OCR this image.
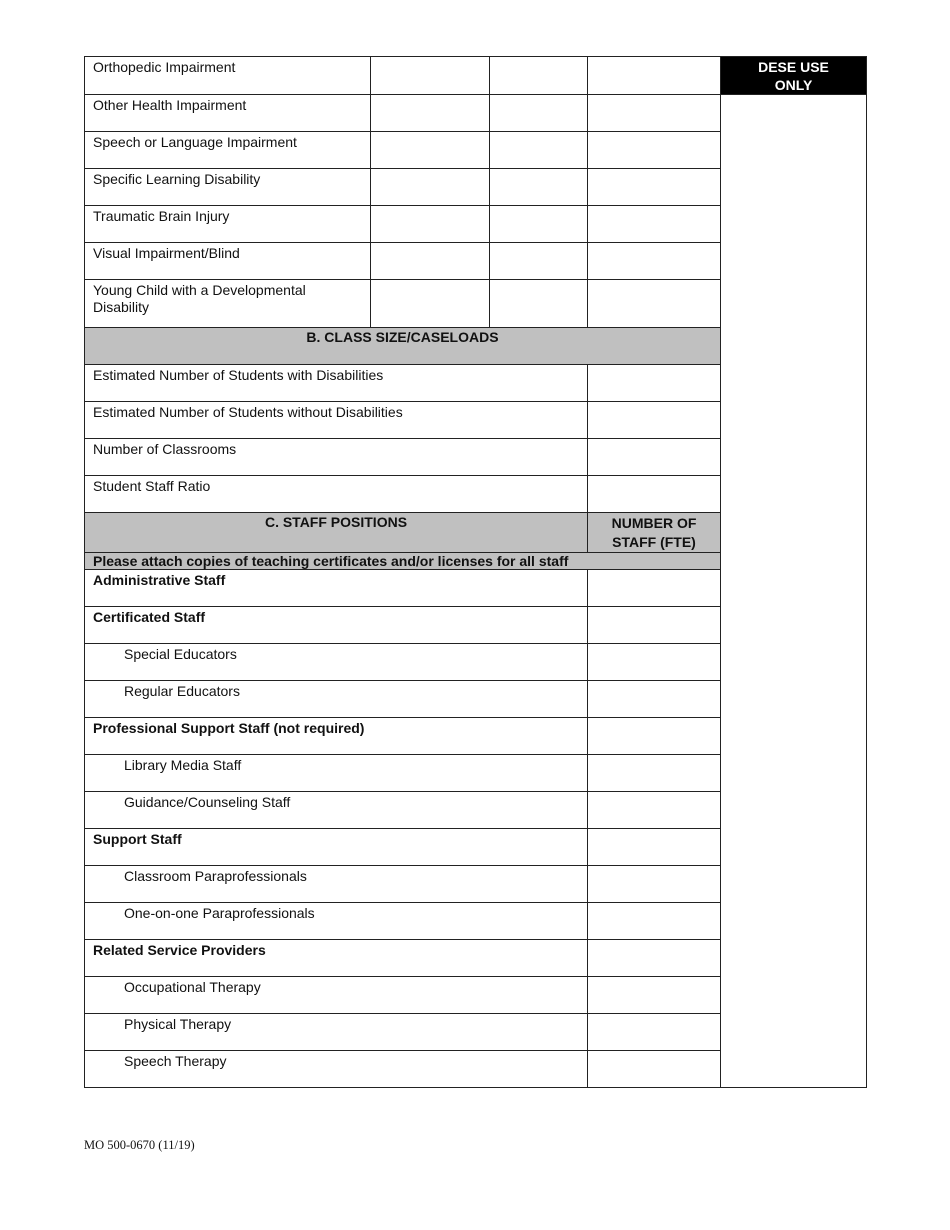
Orthopedic Impairment				DESE USE ONLY
Other Health Impairment				
Speech or Language Impairment				
Specific Learning Disability				
Traumatic Brain Injury				
Visual Impairment/Blind				
Young Child with a Developmental Disability				
B. CLASS SIZE/CASELOADS				
Estimated Number of Students with Disabilities				
Estimated Number of Students without Disabilities				
Number of Classrooms				
Student Staff Ratio				
C. STAFF POSITIONS			NUMBER OF STAFF (FTE)	
Please attach copies of teaching certificates and/or licenses for all staff				
Administrative Staff				
Certificated Staff				
Special Educators				
Regular Educators				
Professional Support Staff (not required)				
Library Media Staff				
Guidance/Counseling Staff				
Support Staff				
Classroom Paraprofessionals				
One-on-one Paraprofessionals				
Related Service Providers				
Occupational Therapy				
Physical Therapy				
Speech Therapy				
MO 500-0670 (11/19)
